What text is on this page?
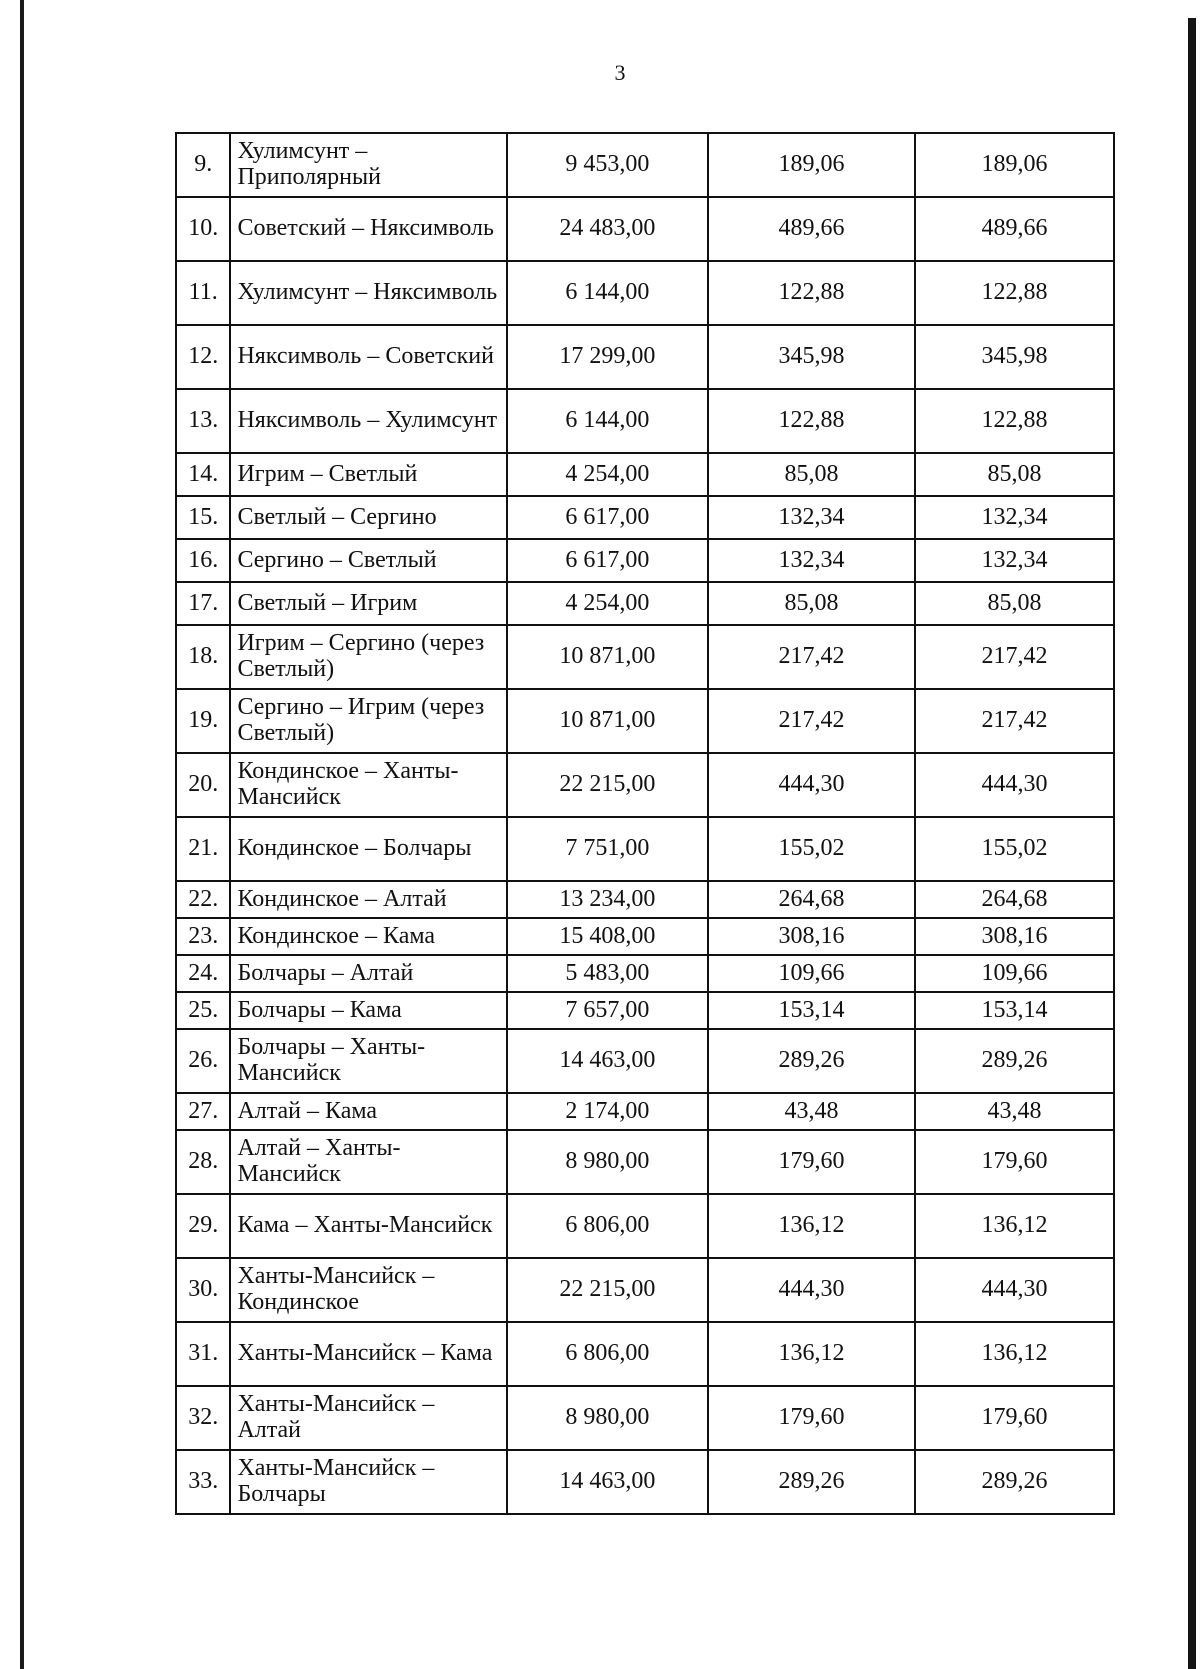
3
9.	Хулимсунт – Приполярный	9 453,00	189,06	189,06
10.	Советский – Няксимволь	24 483,00	489,66	489,66
11.	Хулимсунт – Няксимволь	6 144,00	122,88	122,88
12.	Няксимволь – Советский	17 299,00	345,98	345,98
13.	Няксимволь – Хулимсунт	6 144,00	122,88	122,88
14.	Игрим – Светлый	4 254,00	85,08	85,08
15.	Светлый – Сергино	6 617,00	132,34	132,34
16.	Сергино – Светлый	6 617,00	132,34	132,34
17.	Светлый – Игрим	4 254,00	85,08	85,08
18.	Игрим – Сергино (через Светлый)	10 871,00	217,42	217,42
19.	Сергино – Игрим (через Светлый)	10 871,00	217,42	217,42
20.	Кондинское – Ханты-Мансийск	22 215,00	444,30	444,30
21.	Кондинское – Болчары	7 751,00	155,02	155,02
22.	Кондинское – Алтай	13 234,00	264,68	264,68
23.	Кондинское – Кама	15 408,00	308,16	308,16
24.	Болчары – Алтай	5 483,00	109,66	109,66
25.	Болчары – Кама	7 657,00	153,14	153,14
26.	Болчары – Ханты-Мансийск	14 463,00	289,26	289,26
27.	Алтай – Кама	2 174,00	43,48	43,48
28.	Алтай – Ханты-Мансийск	8 980,00	179,60	179,60
29.	Кама – Ханты-Мансийск	6 806,00	136,12	136,12
30.	Ханты-Мансийск – Кондинское	22 215,00	444,30	444,30
31.	Ханты-Мансийск – Кама	6 806,00	136,12	136,12
32.	Ханты-Мансийск – Алтай	8 980,00	179,60	179,60
33.	Ханты-Мансийск – Болчары	14 463,00	289,26	289,26
